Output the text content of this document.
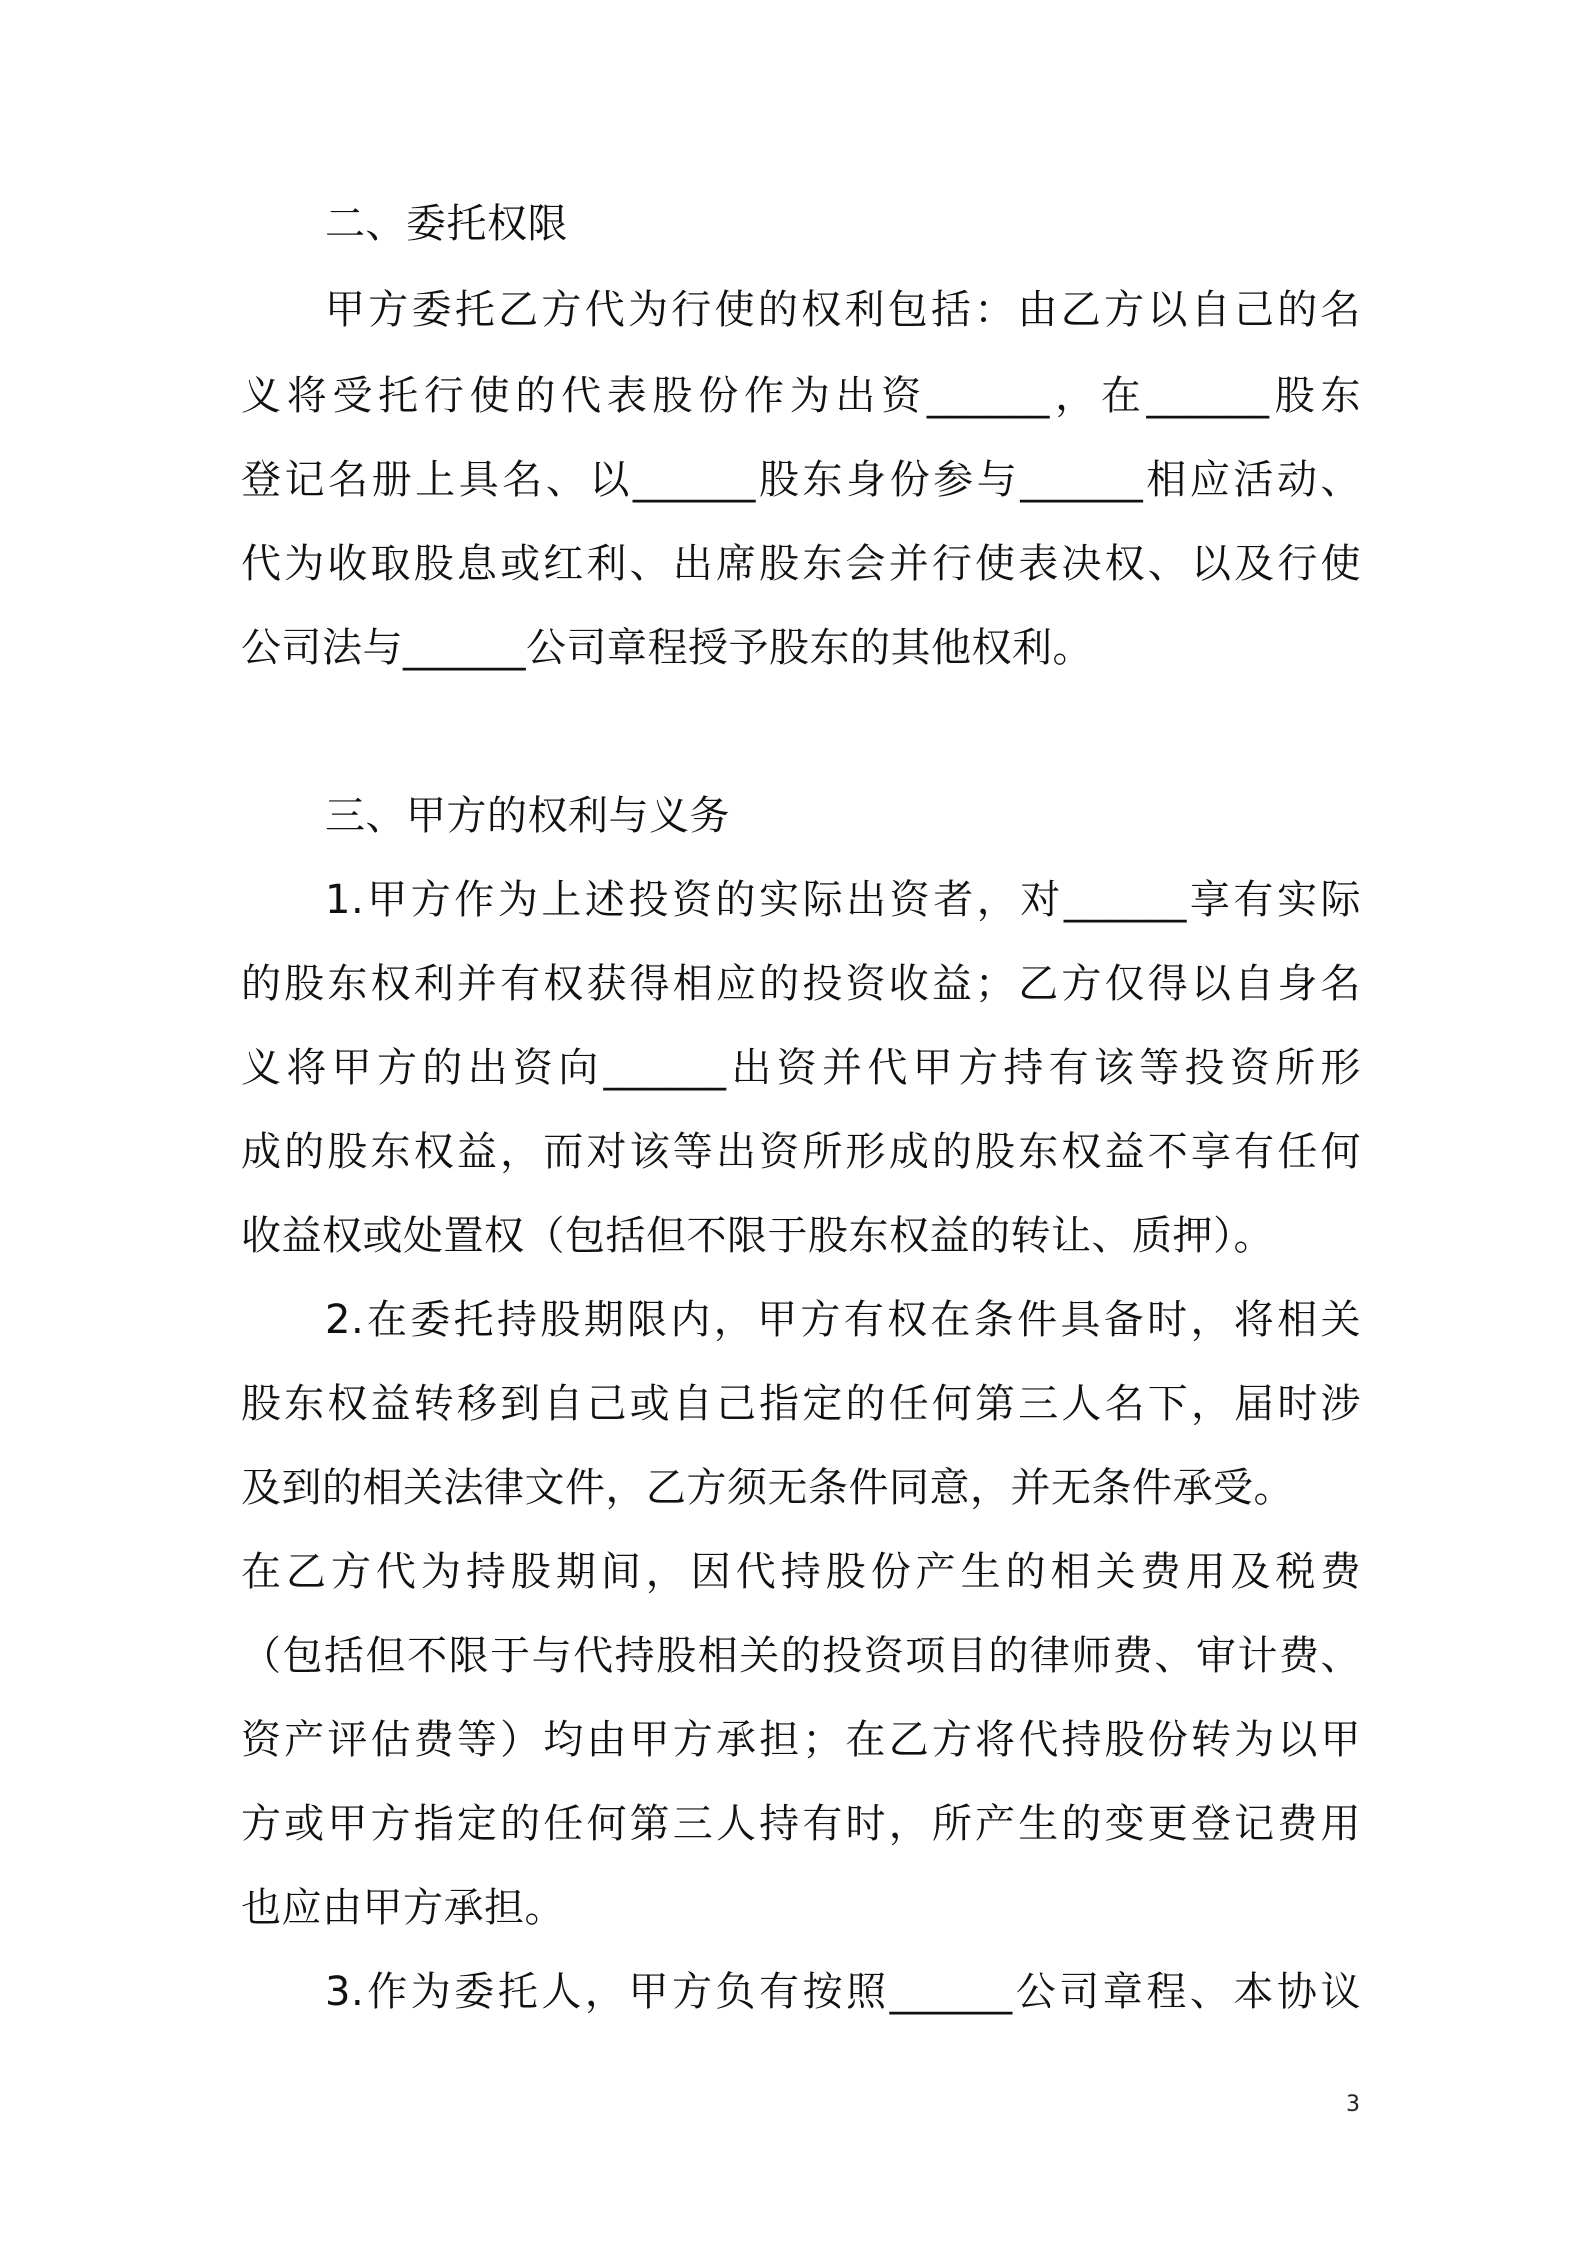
二、委托权限
甲方委托乙方代为行使的权利包括：由乙方以自己的名
义将受托行使的代表股份作为出资______，在______股东
登记名册上具名、以______股东身份参与______相应活动、
代为收取股息或红利、出席股东会并行使表决权、以及行使
公司法与______公司章程授予股东的其他权利。
三、甲方的权利与义务
1.甲方作为上述投资的实际出资者，对______享有实际
的股东权利并有权获得相应的投资收益；乙方仅得以自身名
义将甲方的出资向______出资并代甲方持有该等投资所形
成的股东权益，而对该等出资所形成的股东权益不享有任何
收益权或处置权（包括但不限于股东权益的转让、质押）。
2.在委托持股期限内，甲方有权在条件具备时，将相关
股东权益转移到自己或自己指定的任何第三人名下，届时涉
及到的相关法律文件，乙方须无条件同意，并无条件承受。
在乙方代为持股期间，因代持股份产生的相关费用及税费
（包括但不限于与代持股相关的投资项目的律师费、审计费、
资产评估费等）均由甲方承担；在乙方将代持股份转为以甲
方或甲方指定的任何第三人持有时，所产生的变更登记费用
也应由甲方承担。
3.作为委托人，甲方负有按照______公司章程、本协议
3
